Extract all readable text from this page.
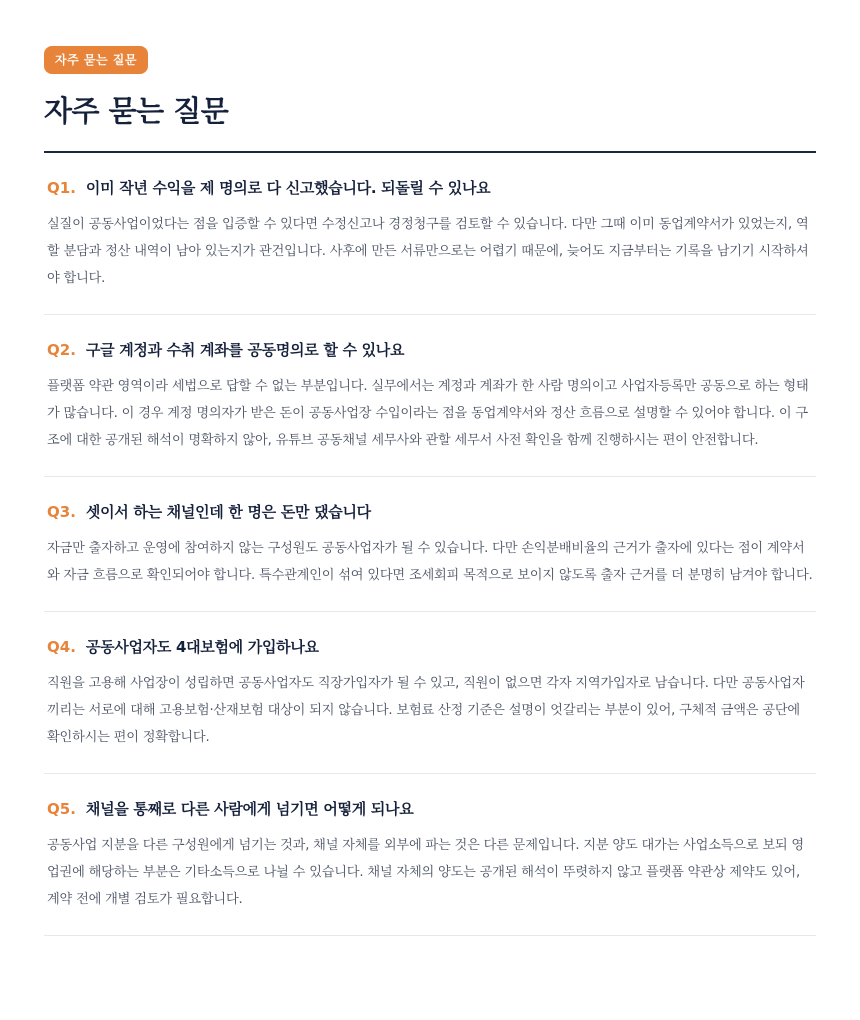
자주 묻는 질문
자주 묻는 질문
Q1. 이미 작년 수익을 제 명의로 다 신고했습니다. 되돌릴 수 있나요

실질이 공동사업이었다는 점을 입증할 수 있다면 수정신고나 경정청구를 검토할 수 있습니다. 다만 그때 이미 동업계약서가 있었는지, 역할 분담과 정산 내역이 남아 있는지가 관건입니다. 사후에 만든 서류만으로는 어렵기 때문에, 늦어도 지금부터는 기록을 남기기 시작하셔야 합니다.

Q2. 구글 계정과 수취 계좌를 공동명의로 할 수 있나요

플랫폼 약관 영역이라 세법으로 답할 수 없는 부분입니다. 실무에서는 계정과 계좌가 한 사람 명의이고 사업자등록만 공동으로 하는 형태가 많습니다. 이 경우 계정 명의자가 받은 돈이 공동사업장 수입이라는 점을 동업계약서와 정산 흐름으로 설명할 수 있어야 합니다. 이 구조에 대한 공개된 해석이 명확하지 않아, 유튜브 공동채널 세무사와 관할 세무서 사전 확인을 함께 진행하시는 편이 안전합니다.

Q3. 셋이서 하는 채널인데 한 명은 돈만 댔습니다

자금만 출자하고 운영에 참여하지 않는 구성원도 공동사업자가 될 수 있습니다. 다만 손익분배비율의 근거가 출자에 있다는 점이 계약서와 자금 흐름으로 확인되어야 합니다. 특수관계인이 섞여 있다면 조세회피 목적으로 보이지 않도록 출자 근거를 더 분명히 남겨야 합니다.

Q4. 공동사업자도 4대보험에 가입하나요

직원을 고용해 사업장이 성립하면 공동사업자도 직장가입자가 될 수 있고, 직원이 없으면 각자 지역가입자로 남습니다. 다만 공동사업자끼리는 서로에 대해 고용보험·산재보험 대상이 되지 않습니다. 보험료 산정 기준은 설명이 엇갈리는 부분이 있어, 구체적 금액은 공단에 확인하시는 편이 정확합니다.

Q5. 채널을 통째로 다른 사람에게 넘기면 어떻게 되나요

공동사업 지분을 다른 구성원에게 넘기는 것과, 채널 자체를 외부에 파는 것은 다른 문제입니다. 지분 양도 대가는 사업소득으로 보되 영업권에 해당하는 부분은 기타소득으로 나뉠 수 있습니다. 채널 자체의 양도는 공개된 해석이 뚜렷하지 않고 플랫폼 약관상 제약도 있어, 계약 전에 개별 검토가 필요합니다.
